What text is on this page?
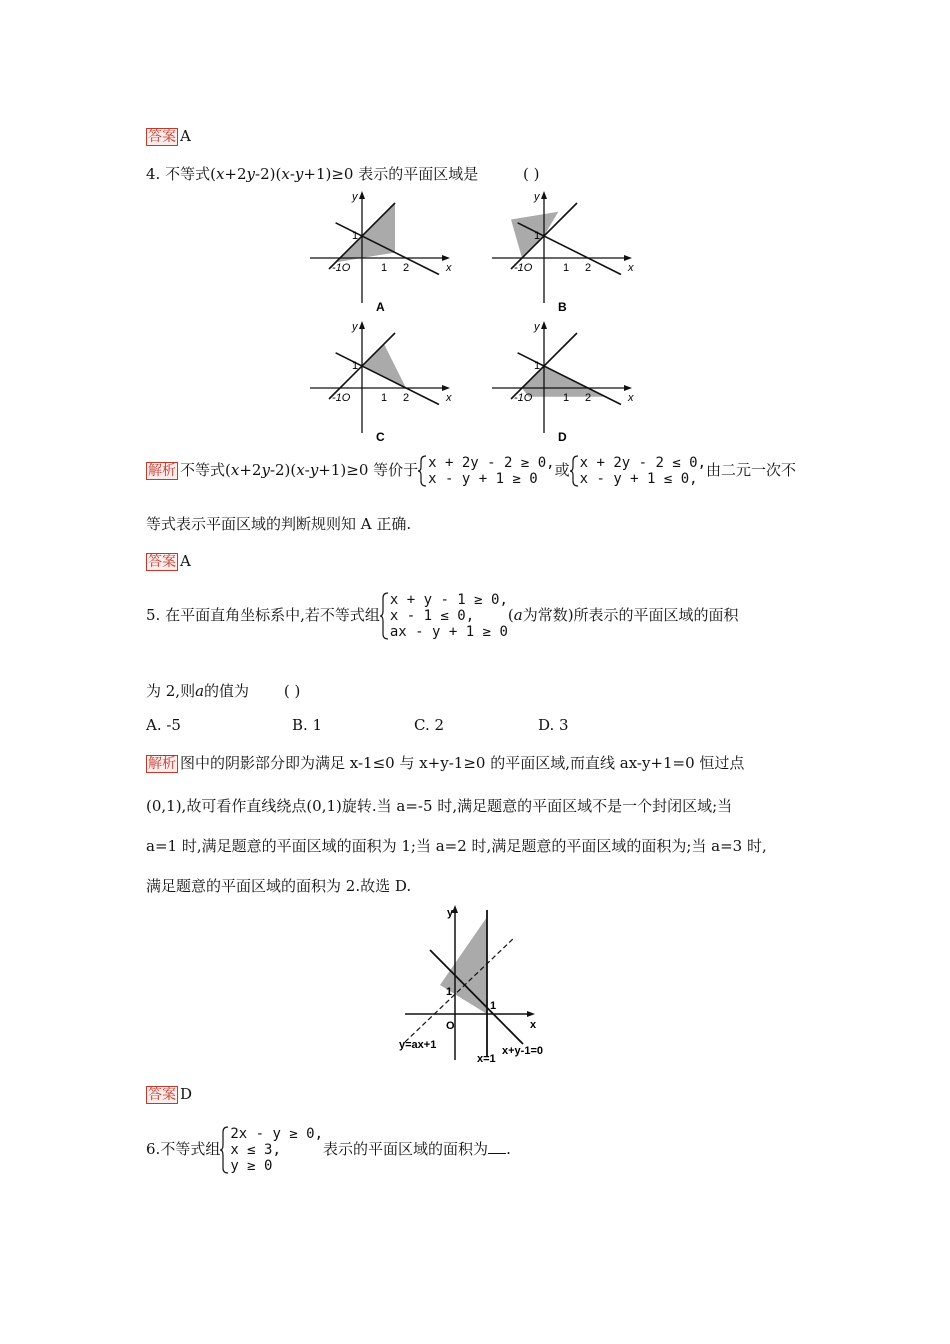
答案 A
4. 不等式(x+2y-2)(x-y+1)≥0 表示的平面区域是	( )
y
x
1
1 2
-1O
A
y
x
1
1 2
-1O
B
y
x
1
1 2
-1O
C
y
x
1
1 2
-1O
D
解析 不等式(x+2y-2)(x-y+1)≥0 等价于 x + 2y - 2 ≥ 0,
x - y + 1 ≥ 0	或 x + 2y - 2 ≤ 0,
x - y + 1 ≤ 0, 由二元一次不
等式表示平面区域的判断规则知 A 正确.
答案 A
5. 在平面直角坐标系中,若不等式组
x + y - 1 ≥ 0,
x - 1 ≤ 0,
ax - y + 1 ≥ 0
(a为常数)所表示的平面区域的面积
为 2,则a的值为 ( )
A. -5	B. 1	C. 2	D. 3
解析 图中的阴影部分即为满足 x-1≤0 与 x+y-1≥0 的平面区域,而直线 ax-y+1=0 恒过点
(0,1),故可看作直线绕点(0,1)旋转.当 a=-5 时,满足题意的平面区域不是一个封闭区域;当
a=1 时,满足题意的平面区域的面积为 1;当 a=2 时,满足题意的平面区域的面积为;当 a=3 时,
满足题意的平面区域的面积为 2.故选 D.
y
x
O
1
1
y=ax+1
x=1
x+y-1=0
答案 D
6.不等式组
2x - y ≥ 0,
x ≤ 3,
y ≥ 0
表示的平面区域的面积为 .
